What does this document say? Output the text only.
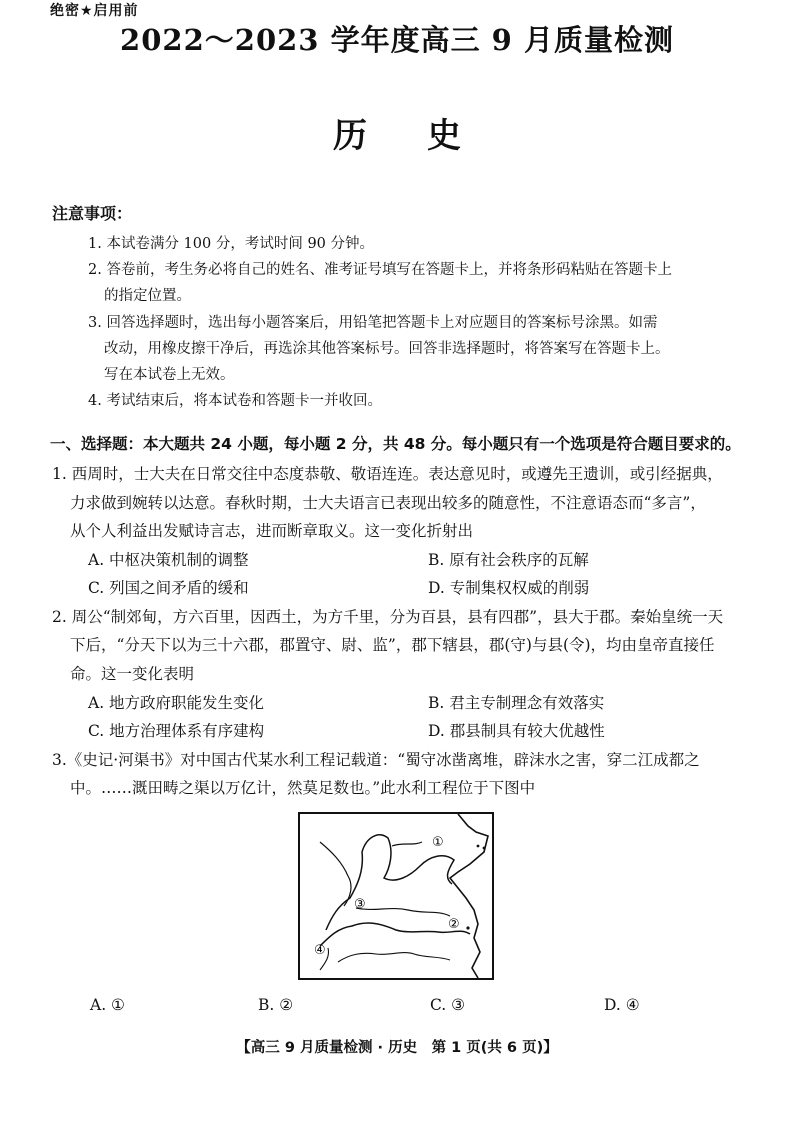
绝密★启用前
2022～2023 学年度高三 9 月质量检测
历史
注意事项：
1. 本试卷满分 100 分，考试时间 90 分钟。
2. 答卷前，考生务必将自己的姓名、准考证号填写在答题卡上，并将条形码粘贴在答题卡上
的指定位置。
3. 回答选择题时，选出每小题答案后，用铅笔把答题卡上对应题目的答案标号涂黑。如需
改动，用橡皮擦干净后，再选涂其他答案标号。回答非选择题时，将答案写在答题卡上。
写在本试卷上无效。
4. 考试结束后，将本试卷和答题卡一并收回。
一、选择题：本大题共 24 小题，每小题 2 分，共 48 分。每小题只有一个选项是符合题目要求的。
1. 西周时，士大夫在日常交往中态度恭敬、敬语连连。表达意见时，或遵先王遗训，或引经据典，
力求做到婉转以达意。春秋时期，士大夫语言已表现出较多的随意性，不注意语态而“多言”，
从个人利益出发赋诗言志，进而断章取义。这一变化折射出
A. 中枢决策机制的调整	B. 原有社会秩序的瓦解
C. 列国之间矛盾的缓和	D. 专制集权权威的削弱
2. 周公“制郊甸，方六百里，因西土，为方千里，分为百县，县有四郡”，县大于郡。秦始皇统一天
下后，“分天下以为三十六郡，郡置守、尉、监”，郡下辖县，郡(守)与县(令)，均由皇帝直接任
命。这一变化表明
A. 地方政府职能发生变化	B. 君主专制理念有效落实
C. 地方治理体系有序建构	D. 郡县制具有较大优越性
3.《史记·河渠书》对中国古代某水利工程记载道：“蜀守冰凿离堆，辟沫水之害，穿二江成都之
中。……溉田畴之渠以万亿计，然莫足数也。”此水利工程位于下图中
①
②
③
④
A. ①	B. ②	C. ③	D. ④
【高三 9 月质量检测 · 历史　第 1 页(共 6 页)】
